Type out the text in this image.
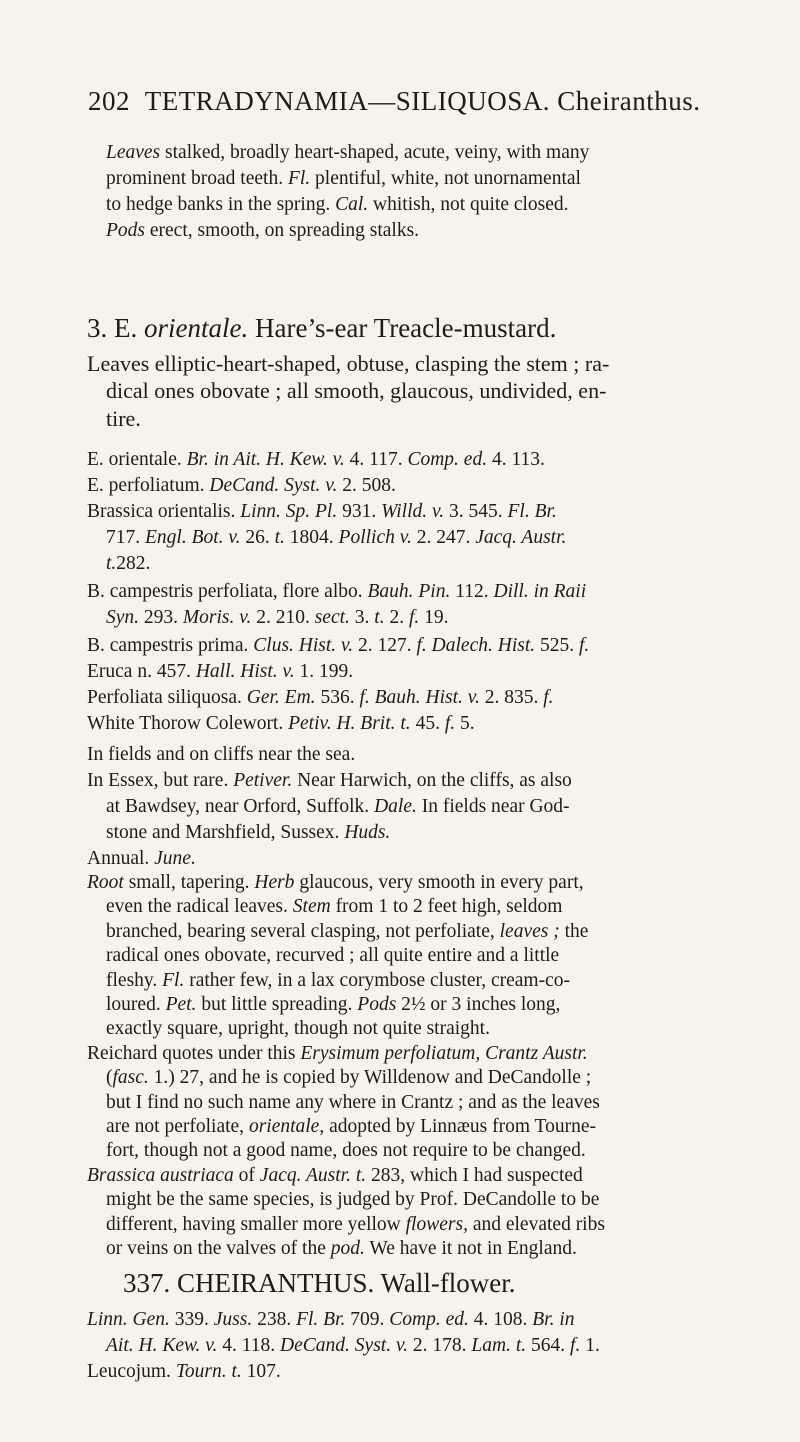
202 TETRADYNAMIA—SILIQUOSA. Cheiranthus.
Leaves stalked, broadly heart-shaped, acute, veiny, with many
prominent broad teeth. Fl. plentiful, white, not unornamental
to hedge banks in the spring. Cal. whitish, not quite closed.
Pods erect, smooth, on spreading stalks.
3. E. orientale. Hare’s-ear Treacle-mustard.
Leaves elliptic-heart-shaped, obtuse, clasping the stem ; ra-
dical ones obovate ; all smooth, glaucous, undivided, en-
tire.
E. orientale. Br. in Ait. H. Kew. v. 4. 117. Comp. ed. 4. 113.
E. perfoliatum. DeCand. Syst. v. 2. 508.
Brassica orientalis. Linn. Sp. Pl. 931. Willd. v. 3. 545. Fl. Br.
717. Engl. Bot. v. 26. t. 1804. Pollich v. 2. 247. Jacq. Austr.
t.282.
B. campestris perfoliata, flore albo. Bauh. Pin. 112. Dill. in Raii
Syn. 293. Moris. v. 2. 210. sect. 3. t. 2. f. 19.
B. campestris prima. Clus. Hist. v. 2. 127. f. Dalech. Hist. 525. f.
Eruca n. 457. Hall. Hist. v. 1. 199.
Perfoliata siliquosa. Ger. Em. 536. f. Bauh. Hist. v. 2. 835. f.
White Thorow Colewort. Petiv. H. Brit. t. 45. f. 5.
In fields and on cliffs near the sea.
In Essex, but rare. Petiver. Near Harwich, on the cliffs, as also
at Bawdsey, near Orford, Suffolk. Dale. In fields near God-
stone and Marshfield, Sussex. Huds.
Annual. June.
Root small, tapering. Herb glaucous, very smooth in every part,
even the radical leaves. Stem from 1 to 2 feet high, seldom
branched, bearing several clasping, not perfoliate, leaves ; the
radical ones obovate, recurved ; all quite entire and a little
fleshy. Fl. rather few, in a lax corymbose cluster, cream-co-
loured. Pet. but little spreading. Pods 2½ or 3 inches long,
exactly square, upright, though not quite straight.
Reichard quotes under this Erysimum perfoliatum, Crantz Austr.
(fasc. 1.) 27, and he is copied by Willdenow and DeCandolle ;
but I find no such name any where in Crantz ; and as the leaves
are not perfoliate, orientale, adopted by Linnæus from Tourne-
fort, though not a good name, does not require to be changed.
Brassica austriaca of Jacq. Austr. t. 283, which I had suspected
might be the same species, is judged by Prof. DeCandolle to be
different, having smaller more yellow flowers, and elevated ribs
or veins on the valves of the pod. We have it not in England.
337. CHEIRANTHUS. Wall-flower.
Linn. Gen. 339. Juss. 238. Fl. Br. 709. Comp. ed. 4. 108. Br. in
Ait. H. Kew. v. 4. 118. DeCand. Syst. v. 2. 178. Lam. t. 564. f. 1.
Leucojum. Tourn. t. 107.
